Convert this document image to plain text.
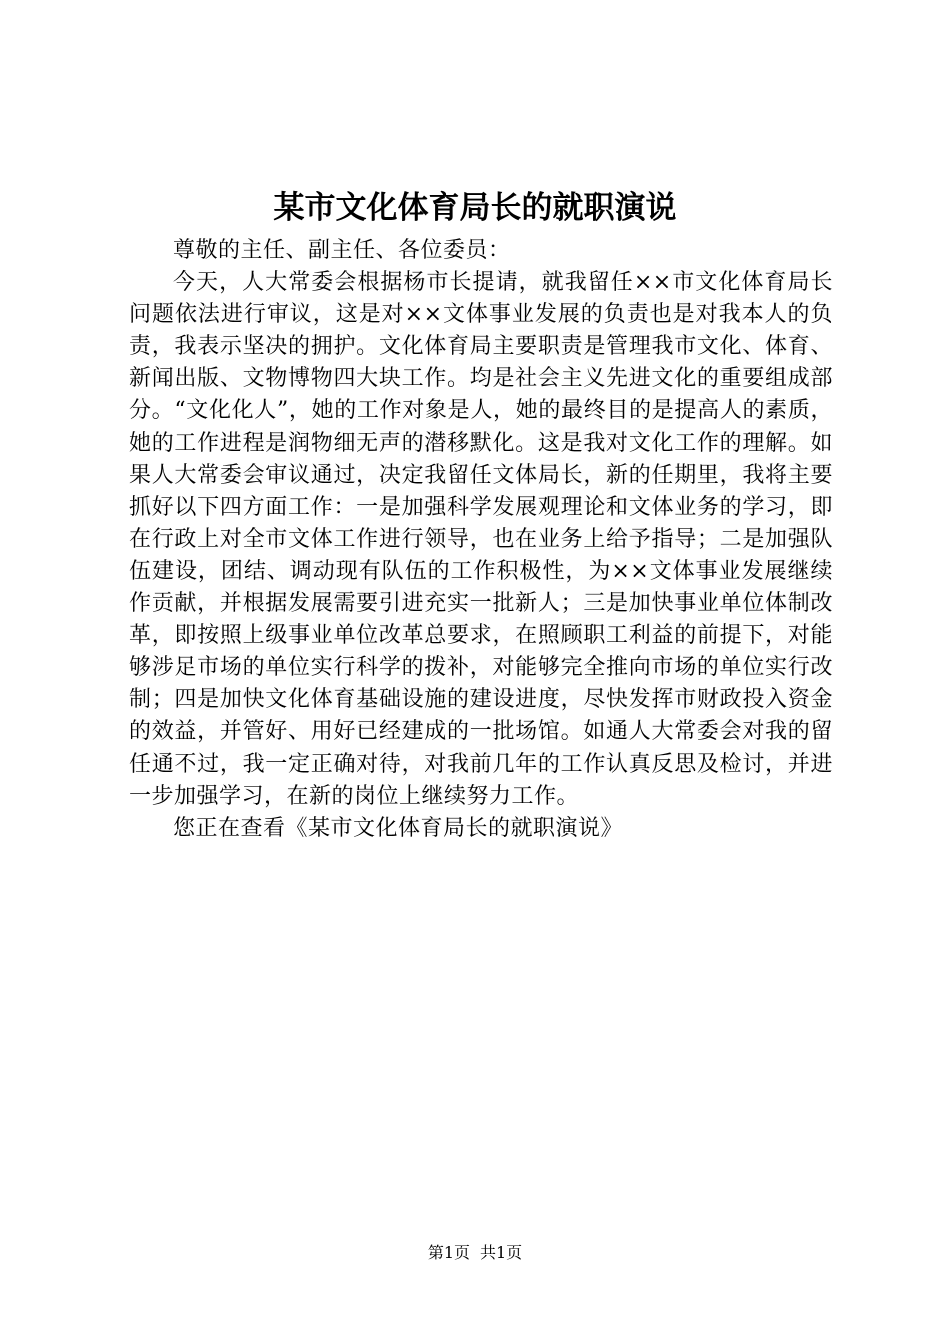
某市文化体育局长的就职演说

尊敬的主任、副主任、各位委员：

今天，人大常委会根据杨市长提请，就我留任××市文化体育局长问题依法进行审议，这是对××文体事业发展的负责也是对我本人的负责，我表示坚决的拥护。文化体育局主要职责是管理我市文化、体育、新闻出版、文物博物四大块工作。均是社会主义先进文化的重要组成部分。“文化化人”，她的工作对象是人，她的最终目的是提高人的素质，她的工作进程是润物细无声的潜移默化。这是我对文化工作的理解。如果人大常委会审议通过，决定我留任文体局长，新的任期里，我将主要抓好以下四方面工作：一是加强科学发展观理论和文体业务的学习，即在行政上对全市文体工作进行领导，也在业务上给予指导；二是加强队伍建设，团结、调动现有队伍的工作积极性，为××文体事业发展继续作贡献，并根据发展需要引进充实一批新人；三是加快事业单位体制改革，即按照上级事业单位改革总要求，在照顾职工利益的前提下，对能够涉足市场的单位实行科学的拨补，对能够完全推向市场的单位实行改制；四是加快文化体育基础设施的建设进度，尽快发挥市财政投入资金的效益，并管好、用好已经建成的一批场馆。如通人大常委会对我的留任通不过，我一定正确对待，对我前几年的工作认真反思及检讨，并进一步加强学习，在新的岗位上继续努力工作。

您正在查看《某市文化体育局长的就职演说》

第1页 共1页
